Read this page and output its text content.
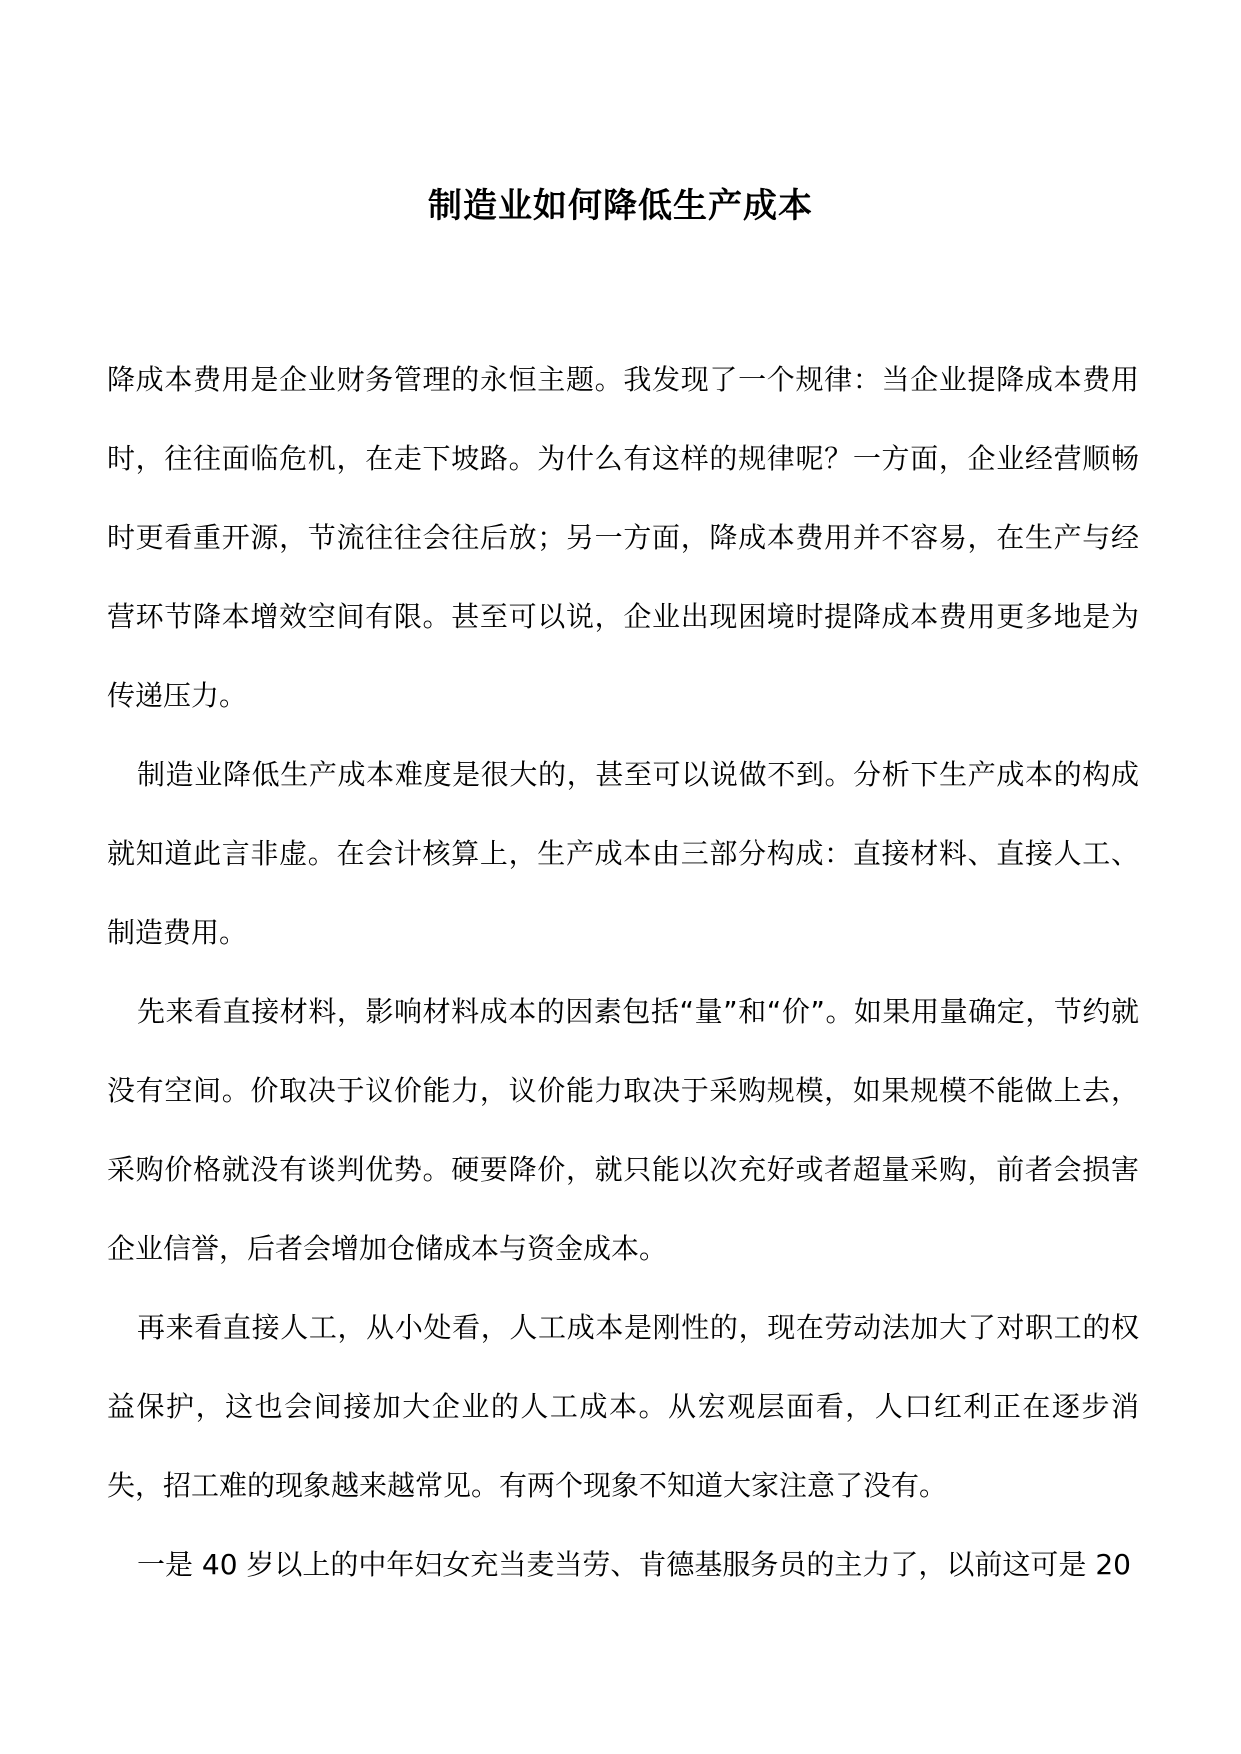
制造业如何降低生产成本

降成本费用是企业财务管理的永恒主题。我发现了一个规律：当企业提降成本费用时，往往面临危机，在走下坡路。为什么有这样的规律呢？一方面，企业经营顺畅时更看重开源，节流往往会往后放；另一方面，降成本费用并不容易，在生产与经营环节降本增效空间有限。甚至可以说，企业出现困境时提降成本费用更多地是为传递压力。

制造业降低生产成本难度是很大的，甚至可以说做不到。分析下生产成本的构成就知道此言非虚。在会计核算上，生产成本由三部分构成：直接材料、直接人工、制造费用。

先来看直接材料，影响材料成本的因素包括“量”和“价”。如果用量确定，节约就没有空间。价取决于议价能力，议价能力取决于采购规模，如果规模不能做上去，采购价格就没有谈判优势。硬要降价，就只能以次充好或者超量采购，前者会损害企业信誉，后者会增加仓储成本与资金成本。

再来看直接人工，从小处看，人工成本是刚性的，现在劳动法加大了对职工的权益保护，这也会间接加大企业的人工成本。从宏观层面看，人口红利正在逐步消失，招工难的现象越来越常见。有两个现象不知道大家注意了没有。

一是 40 岁以上的中年妇女充当麦当劳、肯德基服务员的主力了，以前这可是 20
